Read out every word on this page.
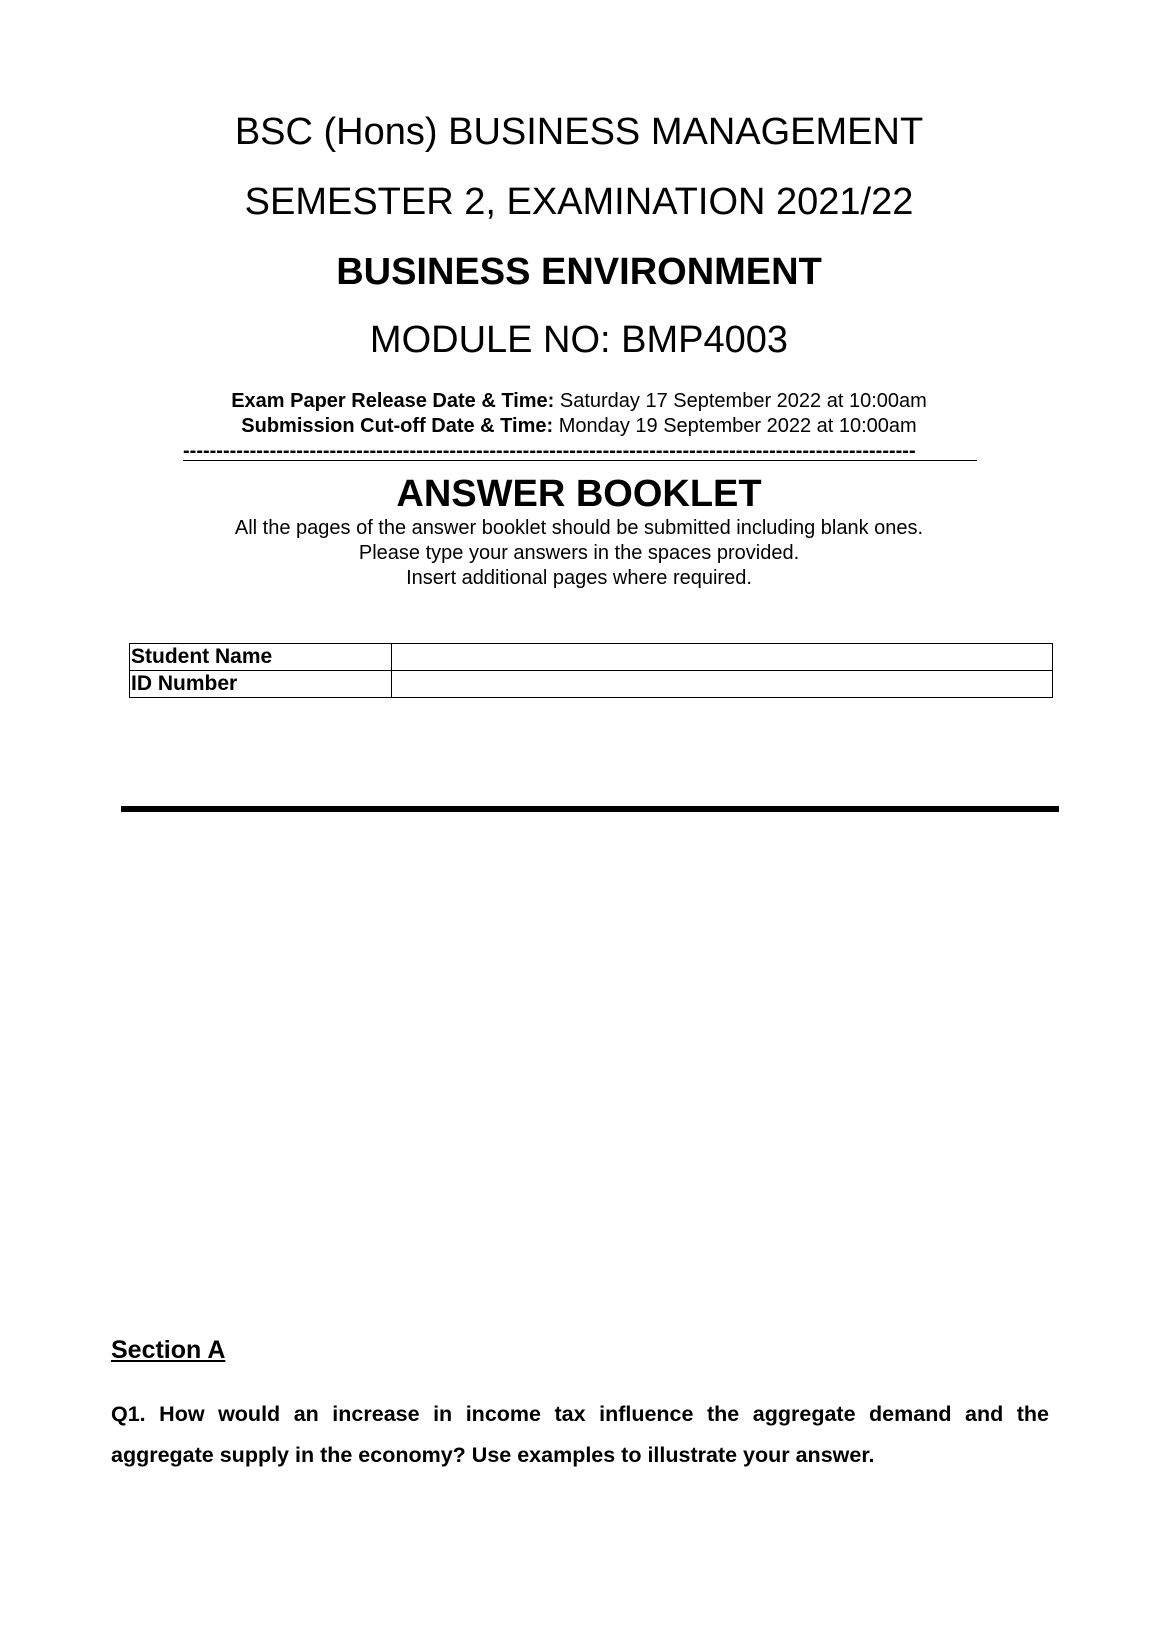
BSC (Hons) BUSINESS MANAGEMENT
SEMESTER 2, EXAMINATION 2021/22
BUSINESS ENVIRONMENT
MODULE NO: BMP4003
Exam Paper Release Date & Time: Saturday 17 September 2022 at 10:00am
Submission Cut-off Date & Time: Monday 19 September 2022 at 10:00am
--------------------------------------------------------------------------------------------------------------
ANSWER BOOKLET
All the pages of the answer booklet should be submitted including blank ones.
Please type your answers in the spaces provided.
Insert additional pages where required.
Student Name	
ID Number	
Section A
Q1. How would an increase in income tax influence the aggregate demand and the aggregate supply in the economy? Use examples to illustrate your answer.
